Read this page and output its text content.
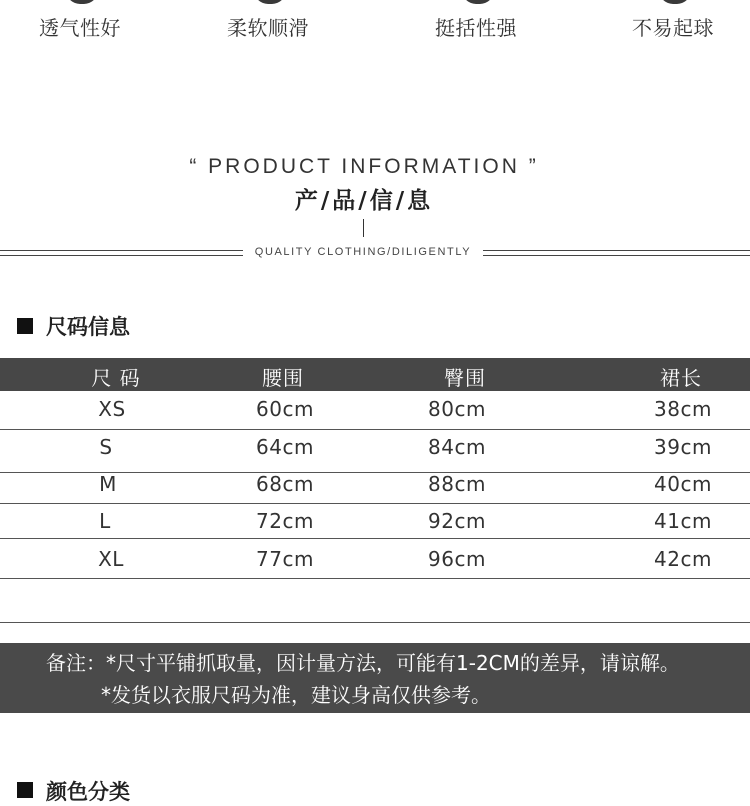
透气性好	柔软顺滑	挺括性强	不易起球
“ PRODUCT INFORMATION ”
产/品/信/息
QUALITY CLOTHING/DILIGENTLY
尺码信息
尺 码	腰围	臀围	裙长
XS	60cm	80cm	38cm
S	64cm	84cm	39cm
M	68cm	88cm	40cm
L	72cm	92cm	41cm
XL	77cm	96cm	42cm
备注：*尺寸平铺抓取量，因计量方法，可能有1-2CM的差异，请谅解。
*发货以衣服尺码为准，建议身高仅供参考。
颜色分类
